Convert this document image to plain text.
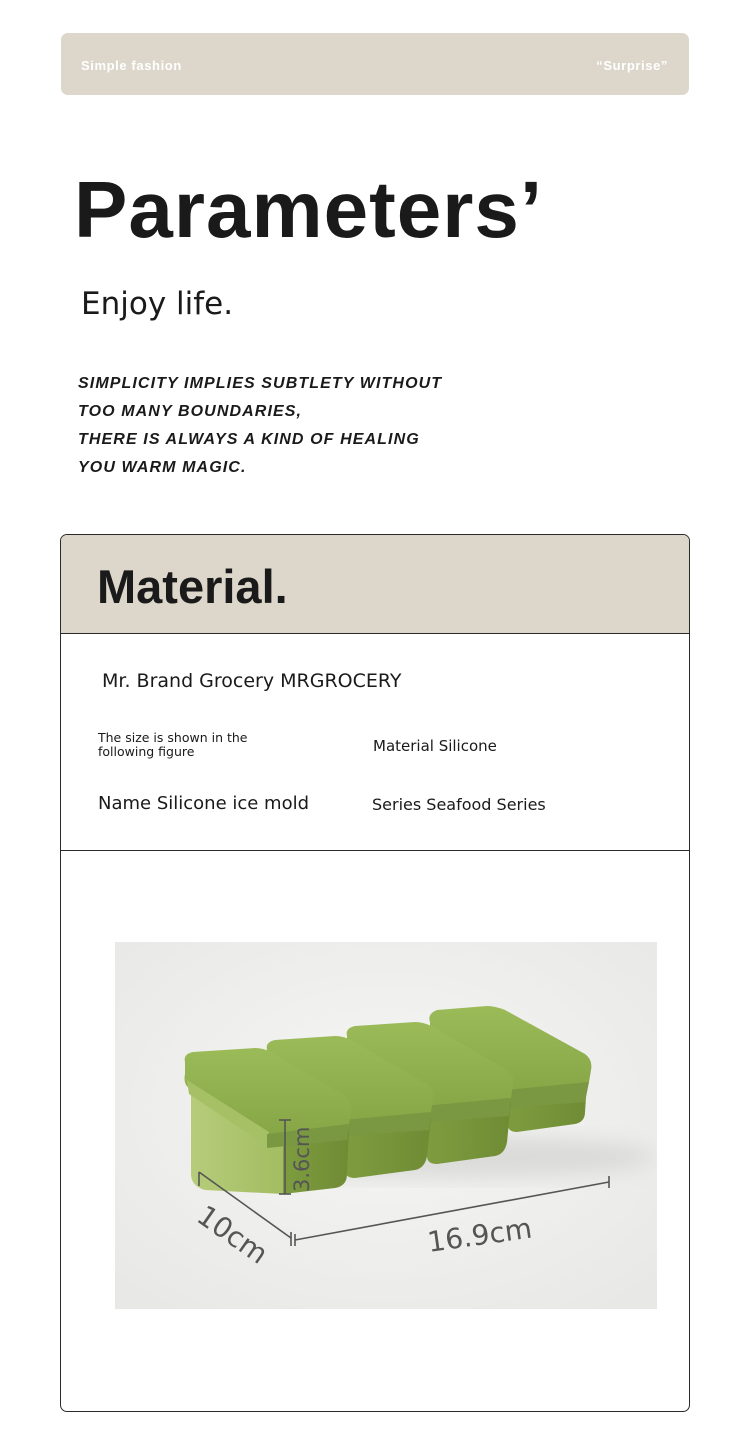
Simple fashion	“Surprise”
Parameters’
Enjoy life.
SIMPLICITY IMPLIES SUBTLETY WITHOUT
TOO MANY BOUNDARIES,
THERE IS ALWAYS A KIND OF HEALING
YOU WARM MAGIC.
Material.
Mr. Brand Grocery MRGROCERY
The size is shown in the following figure	Material Silicone
Name Silicone ice mold	Series Seafood Series
3.6cm
10cm	16.9cm
